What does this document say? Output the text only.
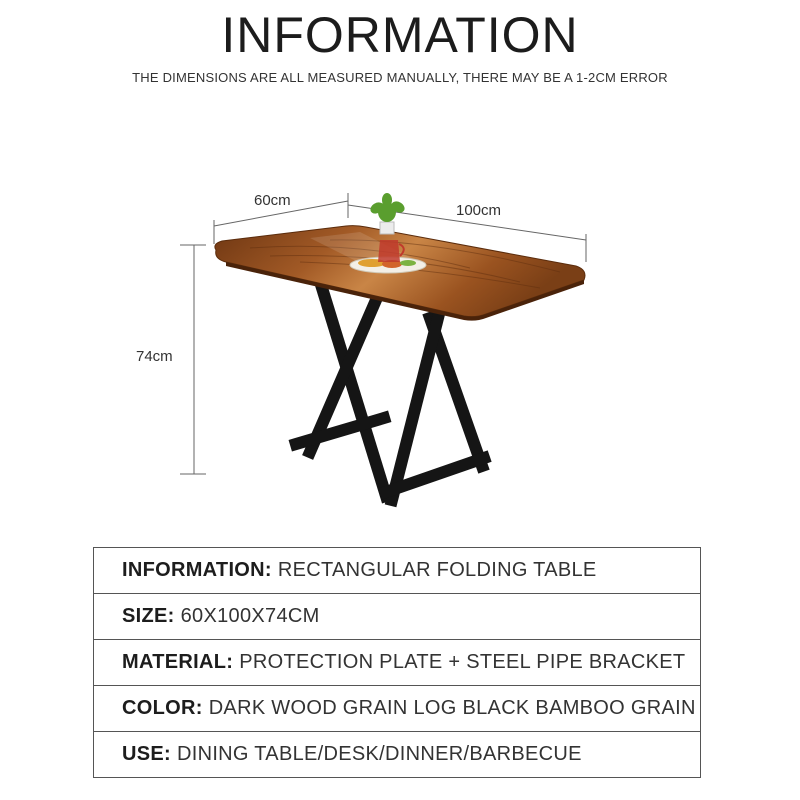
INFORMATION
THE DIMENSIONS ARE ALL MEASURED MANUALLY, THERE MAY BE A 1-2CM ERROR
60cm
100cm
74cm
INFORMATION: RECTANGULAR FOLDING TABLE
SIZE: 60X100X74CM
MATERIAL: PROTECTION PLATE + STEEL PIPE BRACKET
COLOR: DARK WOOD GRAIN LOG BLACK BAMBOO GRAIN
USE: DINING TABLE/DESK/DINNER/BARBECUE
